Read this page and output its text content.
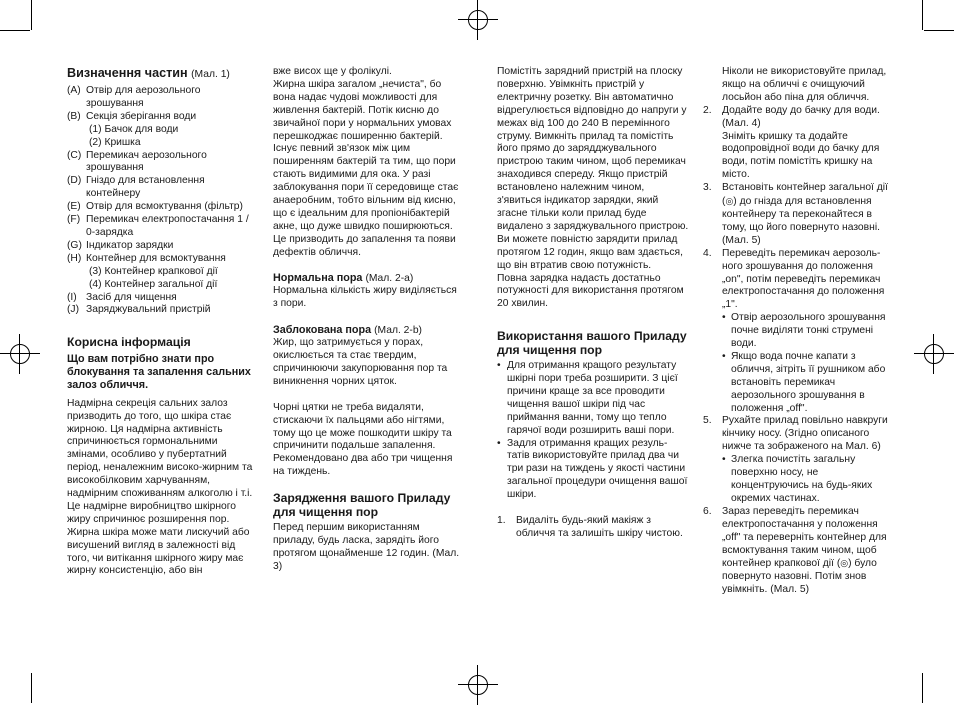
Визначення частин (Мал. 1)
(A) Отвір для аерозольного зрошування
(B) Секція зберігання води
(1) Бачок для води
(2) Кришка
(C) Перемикач аерозольного зрошування
(D) Гніздо для встановлення контейнеру
(E) Отвір для всмоктування (фільтр)
(F) Перемикач електропостачання 1 / 0-зарядка
(G) Індикатор зарядки
(H) Контейнер для всмоктування
(3) Контейнер крапкової дії
(4) Контейнер загальної дії
(I) Засіб для чищення
(J) Заряджувальний пристрій
Корисна інформація
Що вам потрібно знати про блокування та запалення сальних залоз обличчя.

Надмірна секреція сальних залоз призводить до того, що шкіра стає жирною. Ця надмірна активність спричинюється гормональними змінами, особливо у пубертатний період, неналежним високо-жирним та високобілковим харчуванням, надмірним споживанням алкоголю і т.і.

Це надмірне виробництво шкірного жиру спричинює розширення пор. Жирна шкіра може мати лискучий або висушений вигляд в залежності від того, чи витікання шкірного жиру має жирну консистенцію, або він

вже висох ще у фолікулі.

Жирна шкіра загалом „нечиста", бо вона надає чудові можливості для живлення бактерій. Потік кисню до звичайної пори у нормальних умовах перешкоджає поширенню бактерій. Існує певний зв'язок між цим поширенням бактерій та тим, що пори стають видимими для ока. У разі заблокування пори її середовище стає анаеробним, тобто вільним від кисню, що є ідеальним для пропіонібактерій акне, що дуже швидко поширюються. Це призводить до запалення та появи дефектів обличчя.

Нормальна пора (Мал. 2-a)

Нормальна кількість жиру виділяється з пори.

Заблокована пора (Мал. 2-b)

Жир, що затримується у порах, окислюється та стає твердим, спричинюючи закупорювання пор та виникнення чорних цяток.

Чорні цятки не треба видаляти, стискаючи їх пальцями або нігтями, тому що це може пошкодити шкіру та спричинити подальше запалення. Рекомендовано два або три чищення на тиждень.

Зарядження вашого Приладу для чищення пор

Перед першим використанням приладу, будь ласка, зарядіть його протягом щонайменше 12 годин. (Мал. 3)

Помістіть зарядний пристрій на плоску поверхню. Увімкніть пристрій у електричну розетку. Він автоматично відрегулюється відповідно до напруги у межах від 100 до 240 В перемінного струму. Вимкніть прилад та помістіть його прямо до зарядджувального пристрою таким чином, щоб перемикач знаходився спереду. Якщо пристрій встановлено належним чином, з'явиться індикатор зарядки, який згасне тільки коли прилад буде видалено з заряджувального пристрою. Ви можете повністю зарядити прилад протягом 12 годин, якщо вам здається, що він втратив свою потужність.

Повна зарядка надасть достатньо потужності для використання протягом 20 хвилин.

Використання вашого Приладу для чищення пор
• Для отримання кращого результату шкірні пори треба розширити. З цієї причини краще за все проводити чищення вашої шкіри під час приймання ванни, тому що тепло гарячої води розширить ваші пори.
• Задля отримання кращих резуль-татів використовуйте прилад два чи три рази на тиждень у якості частини загальної процедури очищення вашої шкіри.
1.	Видаліть будь-який макіяж з обличчя та залишіть шкіру чистою.

Ніколи не використовуйте прилад, якщо на обличчі є очищуючий лосьйон або піна для обличчя.

2.	Додайте воду до бачку для води. (Мал. 4)

Зніміть кришку та додайте водопровідної води до бачку для води, потім помістіть кришку на місто.

3.	Встановіть контейнер загальної дії (◎) до гнізда для встановлення контейнеру та переконайтеся в тому, що його повернуто назовні. (Мал. 5)
4.	Переведіть перемикач аерозоль-ного зрошування до положення „on", потім переведіть перемикач електропостачання до положення „1".
• Отвір аерозольного зрошування почне виділяти тонкі струмені води.
• Якщо вода почне капати з обличчя, зітріть її рушником або встановіть перемикач аерозольного зрошування в положення „off".
5.	Рухайте прилад повільно навкруги кінчику носу. (Згідно описаного нижче та зображеного на Мал. 6)
• Злегка почистіть загальну поверхню носу, не концентруючись на будь-яких окремих частинах.
6.	Зараз переведіть перемикач електропостачання у положення „off" та переверніть контейнер для всмоктування таким чином, щоб контейнер крапкової дії (◎) було повернуто назовні. Потім знов увімкніть. (Мал. 5)
